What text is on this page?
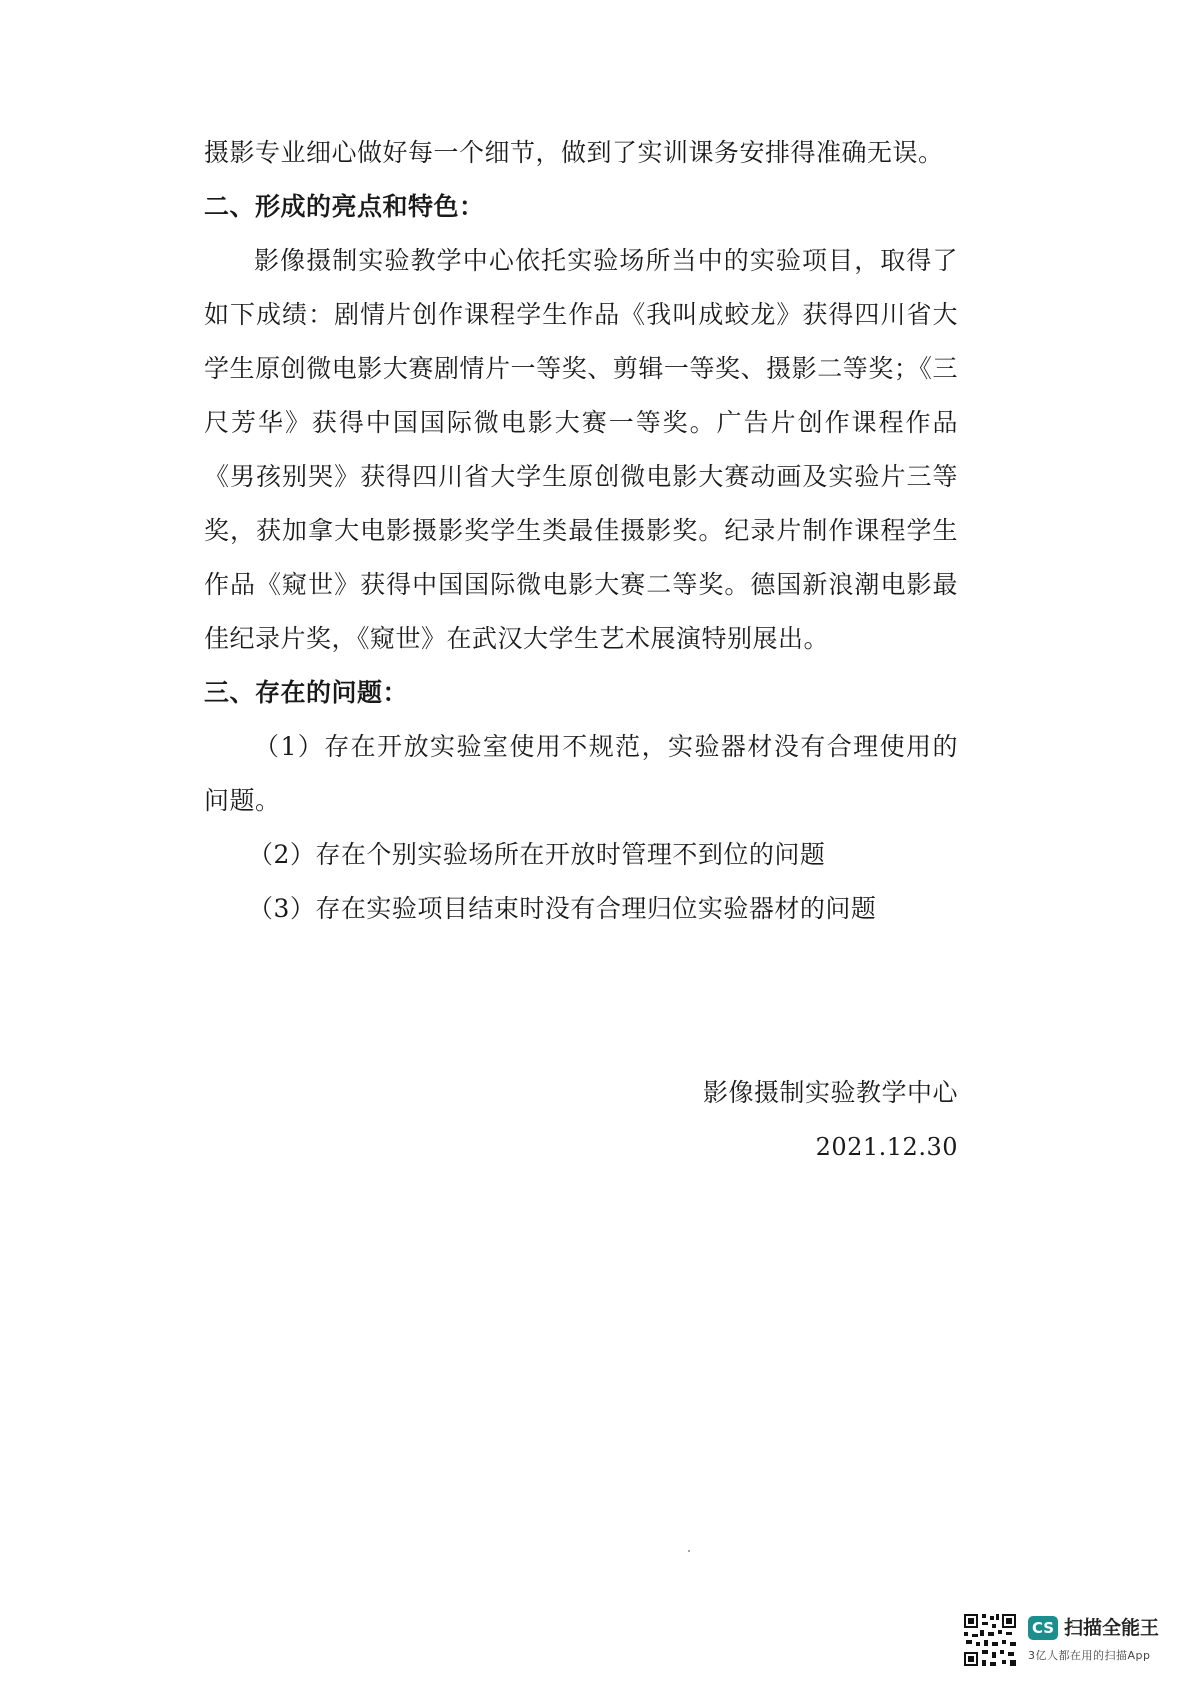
摄影专业细心做好每一个细节，做到了实训课务安排得准确无误。

二、形成的亮点和特色：

影像摄制实验教学中心依托实验场所当中的实验项目，取得了如下成绩：剧情片创作课程学生作品《我叫成蛟龙》获得四川省大学生原创微电影大赛剧情片一等奖、剪辑一等奖、摄影二等奖；《三尺芳华》获得中国国际微电影大赛一等奖。广告片创作课程作品《男孩别哭》获得四川省大学生原创微电影大赛动画及实验片三等奖，获加拿大电影摄影奖学生类最佳摄影奖。纪录片制作课程学生作品《窥世》获得中国国际微电影大赛二等奖。德国新浪潮电影最佳纪录片奖，《窥世》在武汉大学生艺术展演特别展出。

三、存在的问题：

（1）存在开放实验室使用不规范，实验器材没有合理使用的问题。

（2）存在个别实验场所在开放时管理不到位的问题

（3）存在实验项目结束时没有合理归位实验器材的问题

影像摄制实验教学中心
2021.12.30
CS 扫描全能王
3亿人都在用的扫描App
